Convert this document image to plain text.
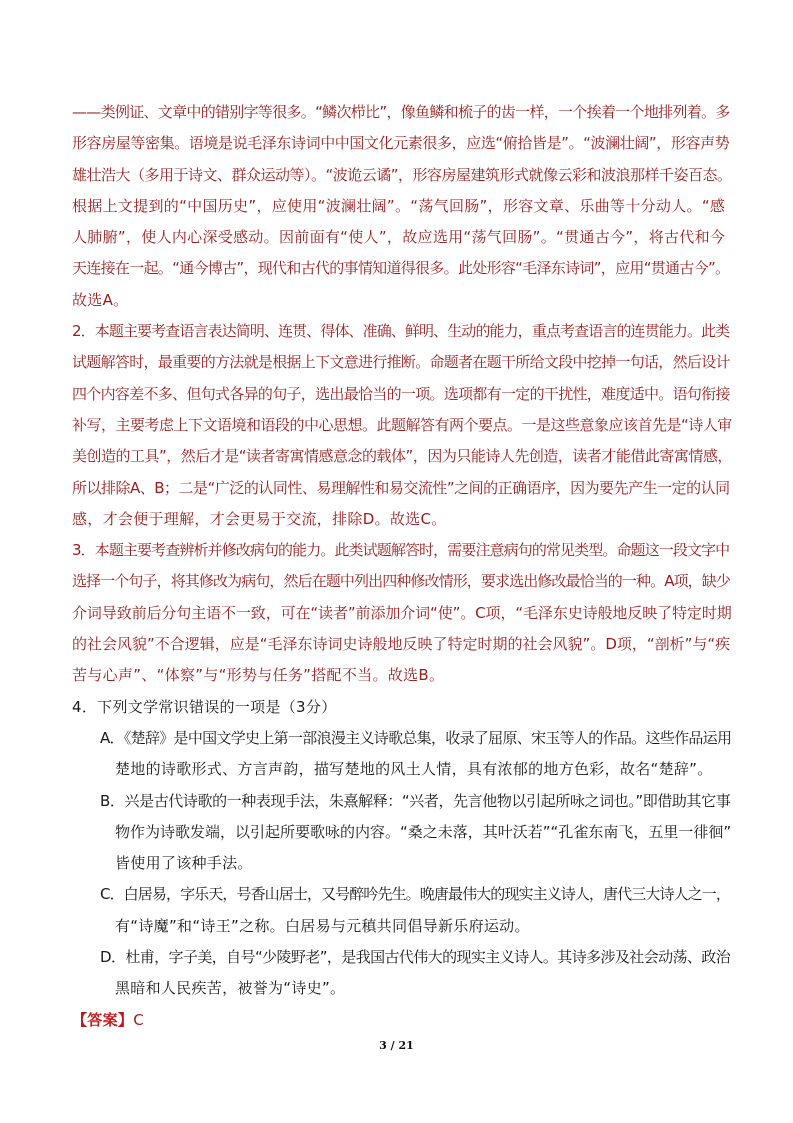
——类例证、文章中的错别字等很多。“鳞次栉比”，像鱼鳞和梳子的齿一样，一个挨着一个地排列着。多
形容房屋等密集。语境是说毛泽东诗词中中国文化元素很多，应选“俯拾皆是”。“波澜壮阔”，形容声势
雄壮浩大（多用于诗文、群众运动等）。“波诡云谲”，形容房屋建筑形式就像云彩和波浪那样千姿百态。
根据上文提到的“中国历史”，应使用“波澜壮阔”。“荡气回肠”，形容文章、乐曲等十分动人。“感
人肺腑”，使人内心深受感动。因前面有“使人”，故应选用“荡气回肠”。“贯通古今”，将古代和今
天连接在一起。“通今博古”，现代和古代的事情知道得很多。此处形容“毛泽东诗词”，应用“贯通古今”。
故选A。
2．本题主要考查语言表达简明、连贯、得体、准确、鲜明、生动的能力，重点考查语言的连贯能力。此类
试题解答时，最重要的方法就是根据上下文意进行推断。命题者在题干所给文段中挖掉一句话，然后设计
四个内容差不多、但句式各异的句子，选出最恰当的一项。选项都有一定的干扰性，难度适中。语句衔接
补写，主要考虑上下文语境和语段的中心思想。此题解答有两个要点。一是这些意象应该首先是“诗人审
美创造的工具”，然后才是“读者寄寓情感意念的载体”，因为只能诗人先创造，读者才能借此寄寓情感，
所以排除A、B；二是“广泛的认同性、易理解性和易交流性”之间的正确语序，因为要先产生一定的认同
感，才会便于理解，才会更易于交流，排除D。故选C。
3．本题主要考查辨析并修改病句的能力。此类试题解答时，需要注意病句的常见类型。命题这一段文字中
选择一个句子，将其修改为病句，然后在题中列出四种修改情形，要求选出修改最恰当的一种。A项，缺少
介词导致前后分句主语不一致，可在“读者”前添加介词“使”。C项，“毛泽东史诗般地反映了特定时期
的社会风貌”不合逻辑，应是“毛泽东诗词史诗般地反映了特定时期的社会风貌”。D项，“剖析”与“疾
苦与心声”、“体察”与“形势与任务”搭配不当。故选B。
4．下列文学常识错误的一项是（3分）
A．《楚辞》是中国文学史上第一部浪漫主义诗歌总集，收录了屈原、宋玉等人的作品。这些作品运用
楚地的诗歌形式、方言声韵，描写楚地的风土人情，具有浓郁的地方色彩，故名“楚辞”。
B．兴是古代诗歌的一种表现手法，朱熹解释：“兴者，先言他物以引起所咏之词也。”即借助其它事
物作为诗歌发端，以引起所要歌咏的内容。“桑之未落，其叶沃若”“孔雀东南飞，五里一徘徊”
皆使用了该种手法。
C．白居易，字乐天，号香山居士，又号醉吟先生。晚唐最伟大的现实主义诗人，唐代三大诗人之一，
有“诗魔”和“诗王”之称。白居易与元稹共同倡导新乐府运动。
D．杜甫，字子美，自号“少陵野老”，是我国古代伟大的现实主义诗人。其诗多涉及社会动荡、政治
黑暗和人民疾苦，被誉为“诗史”。
【答案】C
3 / 21
